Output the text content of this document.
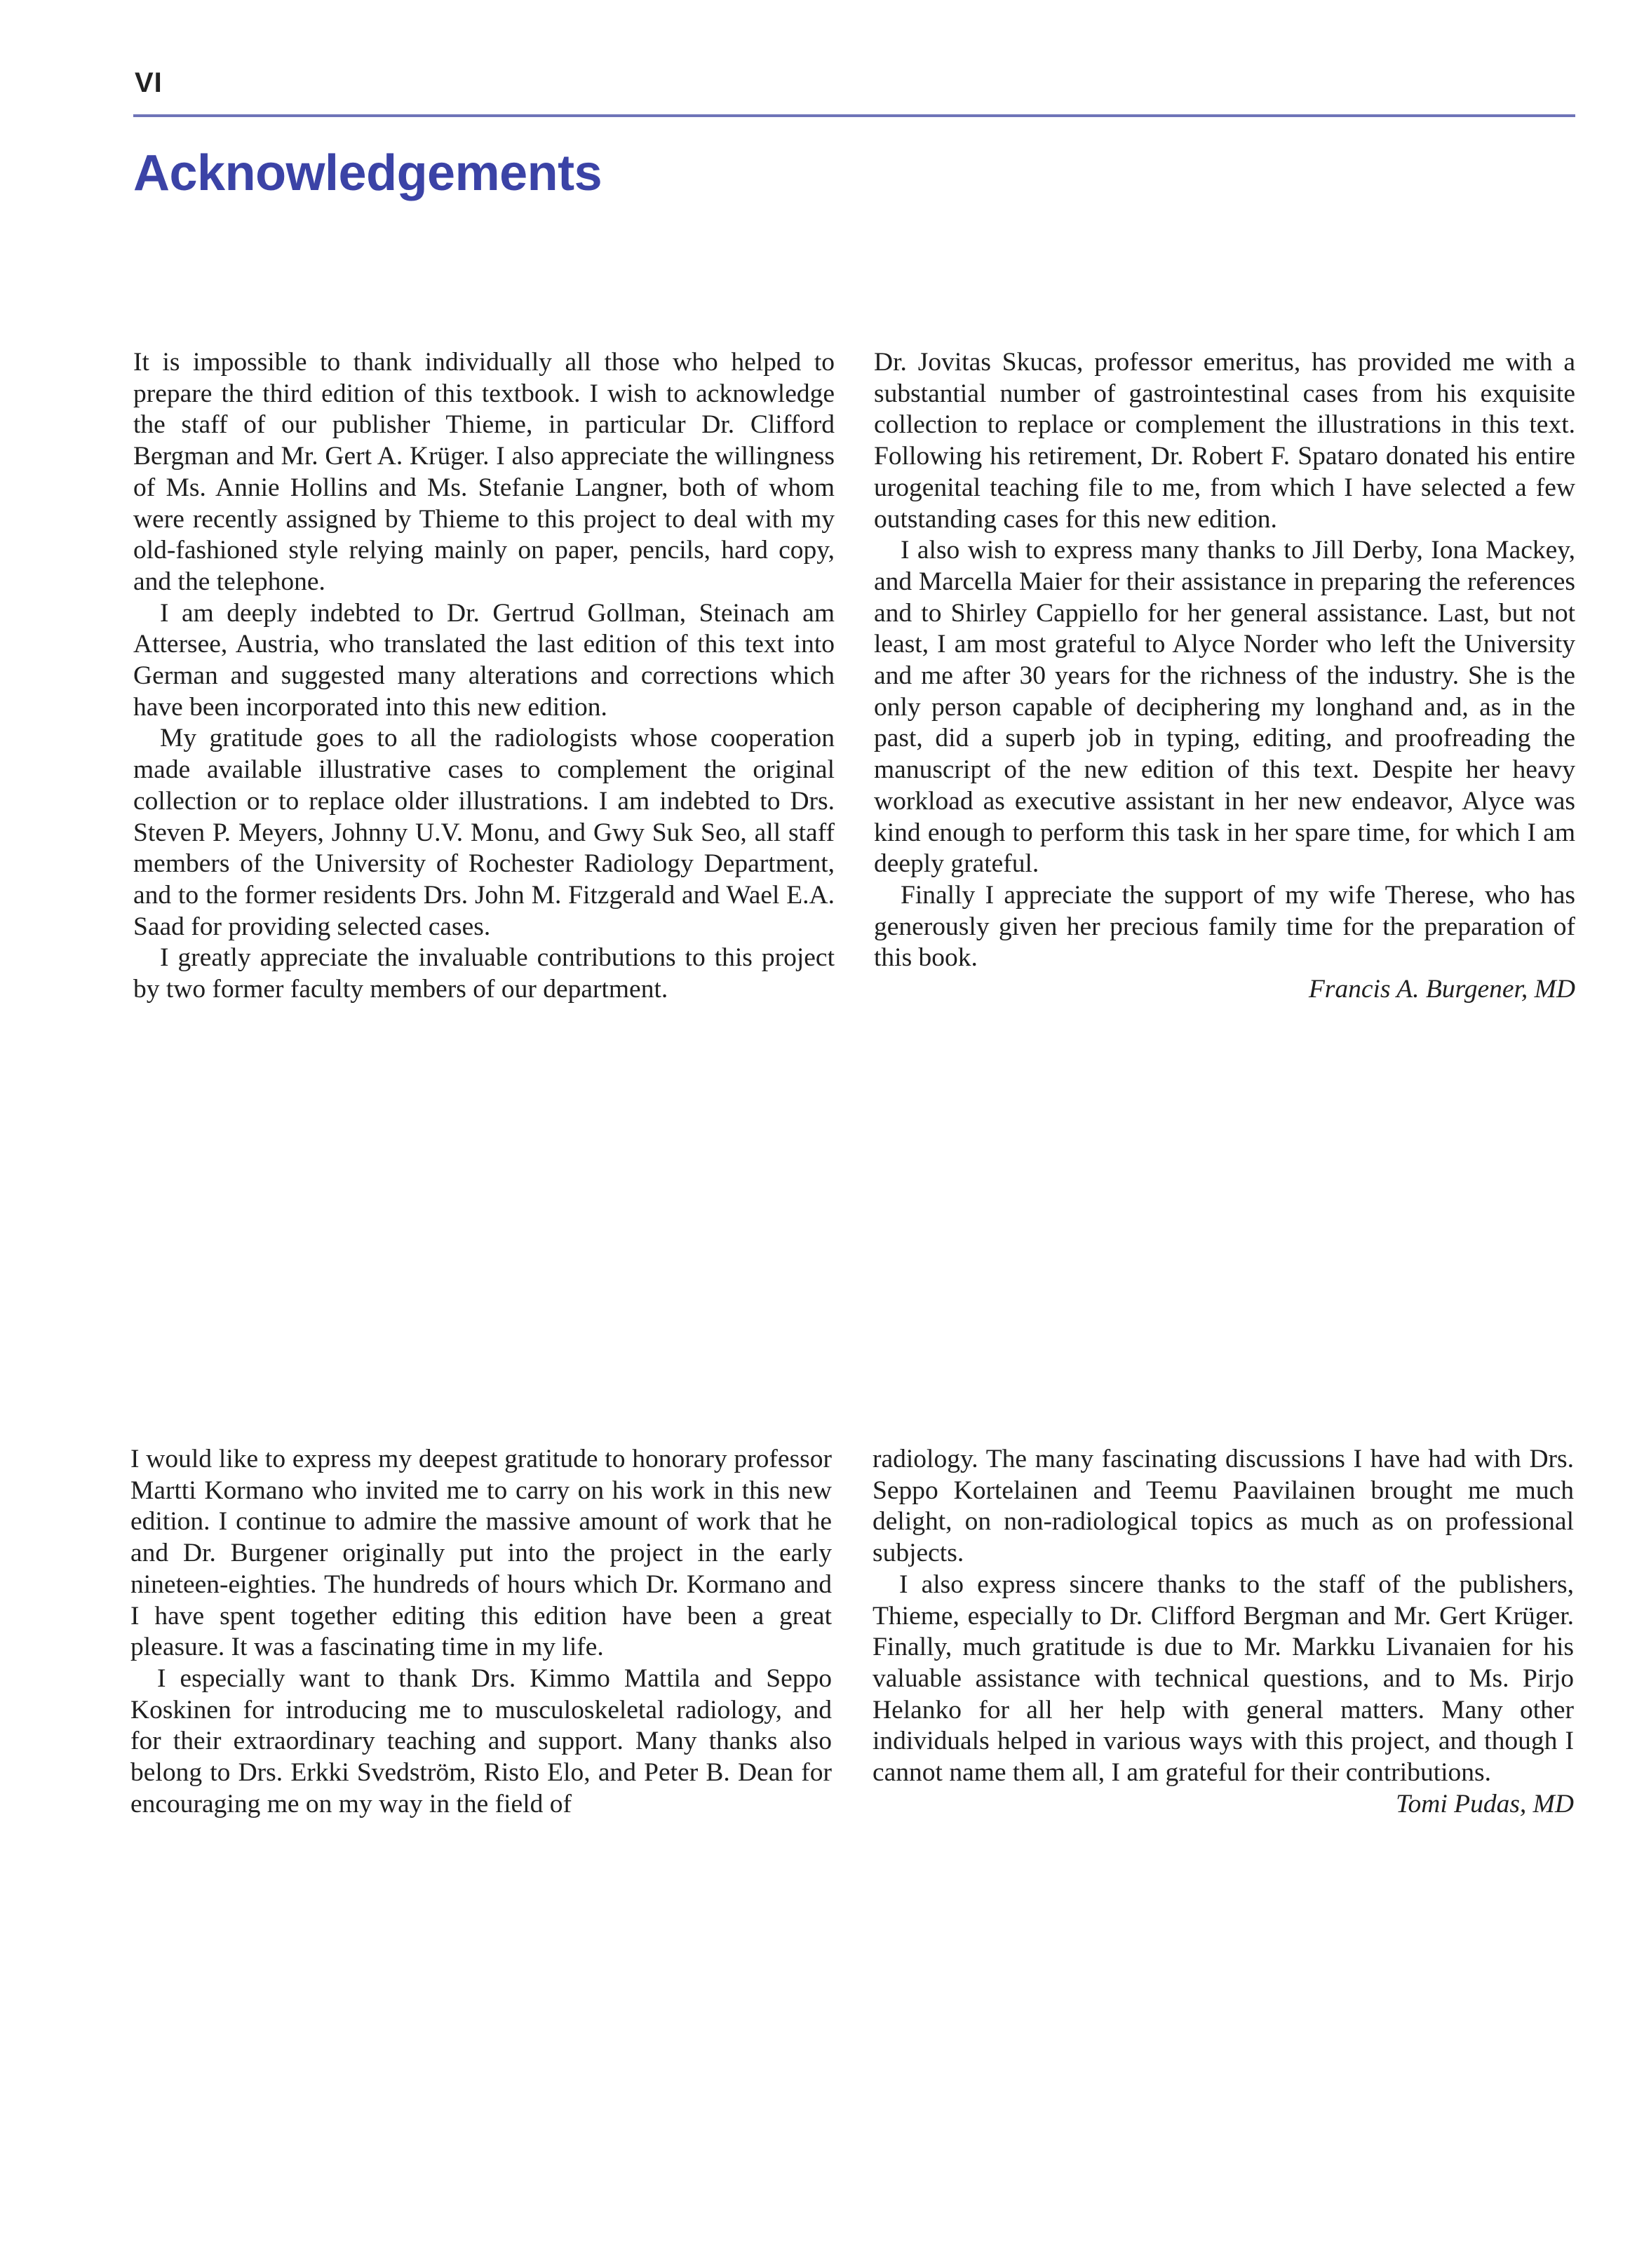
VI
Acknowledgements

It is impossible to thank individually all those who helped to prepare the third edition of this textbook. I wish to acknowledge the staff of our publisher Thieme, in particular Dr. Clifford Bergman and Mr. Gert A. Krüger. I also appreciate the willingness of Ms. Annie Hollins and Ms. Stefanie Langner, both of whom were recently assigned by Thieme to this project to deal with my old-fashioned style relying mainly on paper, pencils, hard copy, and the telephone.

I am deeply indebted to Dr. Gertrud Gollman, Steinach am Attersee, Austria, who translated the last edition of this text into German and suggested many alterations and corrections which have been incorporated into this new edition.

My gratitude goes to all the radiologists whose cooperation made available illustrative cases to complement the original collection or to replace older illustrations. I am indebted to Drs. Steven P. Meyers, Johnny U.V. Monu, and Gwy Suk Seo, all staff members of the University of Rochester Radiology Department, and to the former residents Drs. John M. Fitzgerald and Wael E.A. Saad for providing selected cases.

I greatly appreciate the invaluable contributions to this project by two former faculty members of our department.

Dr. Jovitas Skucas, professor emeritus, has provided me with a substantial number of gastrointestinal cases from his exquisite collection to replace or complement the illustrations in this text. Following his retirement, Dr. Robert F. Spataro donated his entire urogenital teaching file to me, from which I have selected a few outstanding cases for this new edition.

I also wish to express many thanks to Jill Derby, Iona Mackey, and Marcella Maier for their assistance in preparing the references and to Shirley Cappiello for her general assistance. Last, but not least, I am most grateful to Alyce Norder who left the University and me after 30 years for the richness of the industry. She is the only person capable of deciphering my longhand and, as in the past, did a superb job in typing, editing, and proofreading the manuscript of the new edition of this text. Despite her heavy workload as executive assistant in her new endeavor, Alyce was kind enough to perform this task in her spare time, for which I am deeply grateful.

Finally I appreciate the support of my wife Therese, who has generously given her precious family time for the preparation of this book.

Francis A. Burgener, MD

I would like to express my deepest gratitude to honorary professor Martti Kormano who invited me to carry on his work in this new edition. I continue to admire the massive amount of work that he and Dr. Burgener originally put into the project in the early nineteen-eighties. The hundreds of hours which Dr. Kormano and I have spent together editing this edition have been a great pleasure. It was a fascinating time in my life.

I especially want to thank Drs. Kimmo Mattila and Seppo Koskinen for introducing me to musculoskeletal radiology, and for their extraordinary teaching and support. Many thanks also belong to Drs. Erkki Svedström, Risto Elo, and Peter B. Dean for encouraging me on my way in the field of

radiology. The many fascinating discussions I have had with Drs. Seppo Kortelainen and Teemu Paavilainen brought me much delight, on non-radiological topics as much as on professional subjects.

I also express sincere thanks to the staff of the publishers, Thieme, especially to Dr. Clifford Bergman and Mr. Gert Krüger. Finally, much gratitude is due to Mr. Markku Livanaien for his valuable assistance with technical questions, and to Ms. Pirjo Helanko for all her help with general matters. Many other individuals helped in various ways with this project, and though I cannot name them all, I am grateful for their contributions.

Tomi Pudas, MD
